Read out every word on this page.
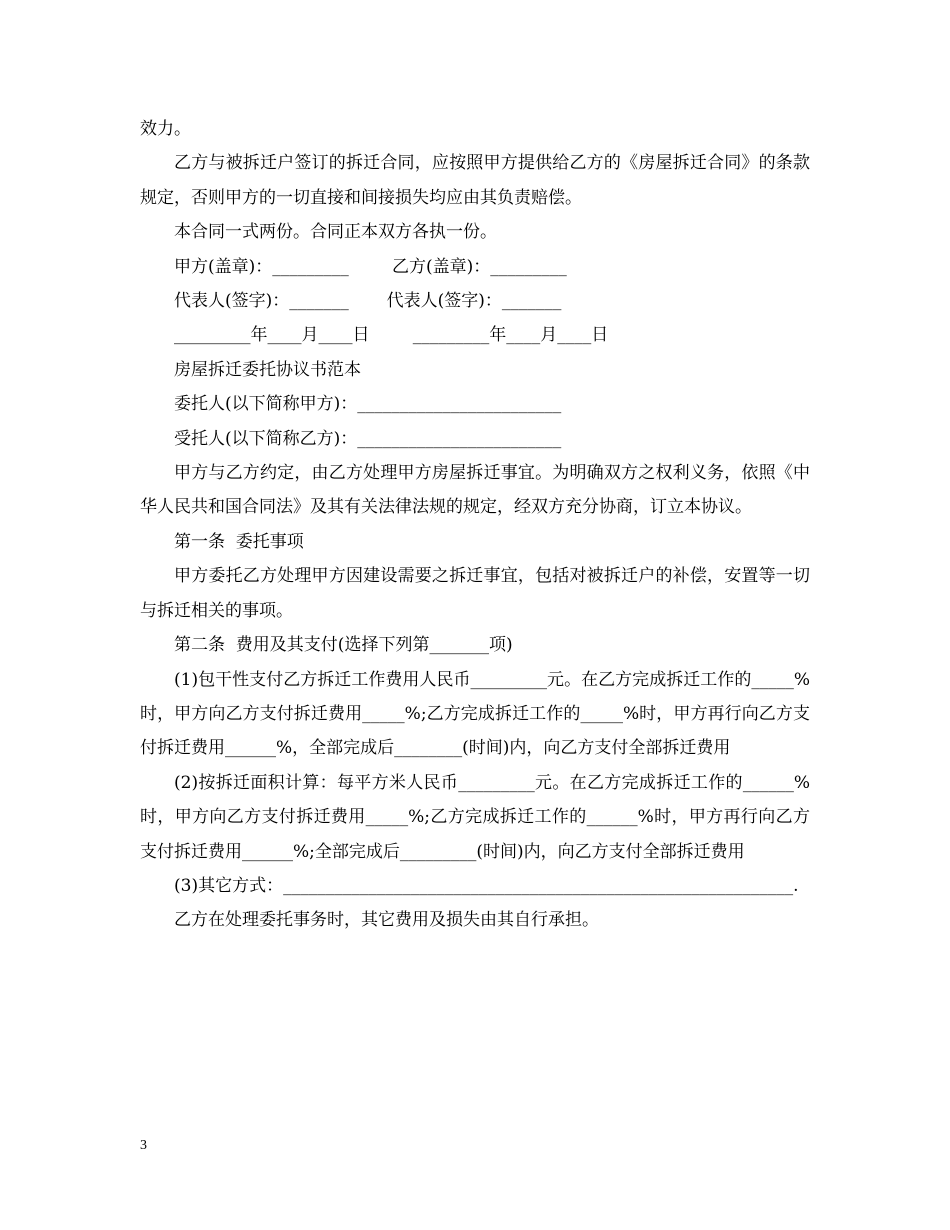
效力。

乙方与被拆迁户签订的拆迁合同，应按照甲方提供给乙方的《房屋拆迁合同》的条款规定，否则甲方的一切直接和间接损失均应由其负责赔偿。

本合同一式两份。合同正本双方各执一份。

甲方(盖章)：_________        乙方(盖章)：_________

代表人(签字)：_______       代表人(签字)：_______

_________年____月____日        _________年____月____日

房屋拆迁委托协议书范本

委托人(以下简称甲方)：________________________

受托人(以下简称乙方)：________________________

甲方与乙方约定，由乙方处理甲方房屋拆迁事宜。为明确双方之权利义务，依照《中华人民共和国合同法》及其有关法律法规的规定，经双方充分协商，订立本协议。

第一条  委托事项

甲方委托乙方处理甲方因建设需要之拆迁事宜，包括对被拆迁户的补偿，安置等一切与拆迁相关的事项。

第二条  费用及其支付(选择下列第_______项)

(1)包干性支付乙方拆迁工作费用人民币_________元。在乙方完成拆迁工作的_____%时，甲方向乙方支付拆迁费用_____%;乙方完成拆迁工作的_____%时，甲方再行向乙方支付拆迁费用______%，全部完成后________(时间)内，向乙方支付全部拆迁费用

(2)按拆迁面积计算：每平方米人民币_________元。在乙方完成拆迁工作的______%时，甲方向乙方支付拆迁费用_____%;乙方完成拆迁工作的______%时，甲方再行向乙方支付拆迁费用______%;全部完成后_________(时间)内，向乙方支付全部拆迁费用

(3)其它方式：____________________________________________________________.

乙方在处理委托事务时，其它费用及损失由其自行承担。

3
